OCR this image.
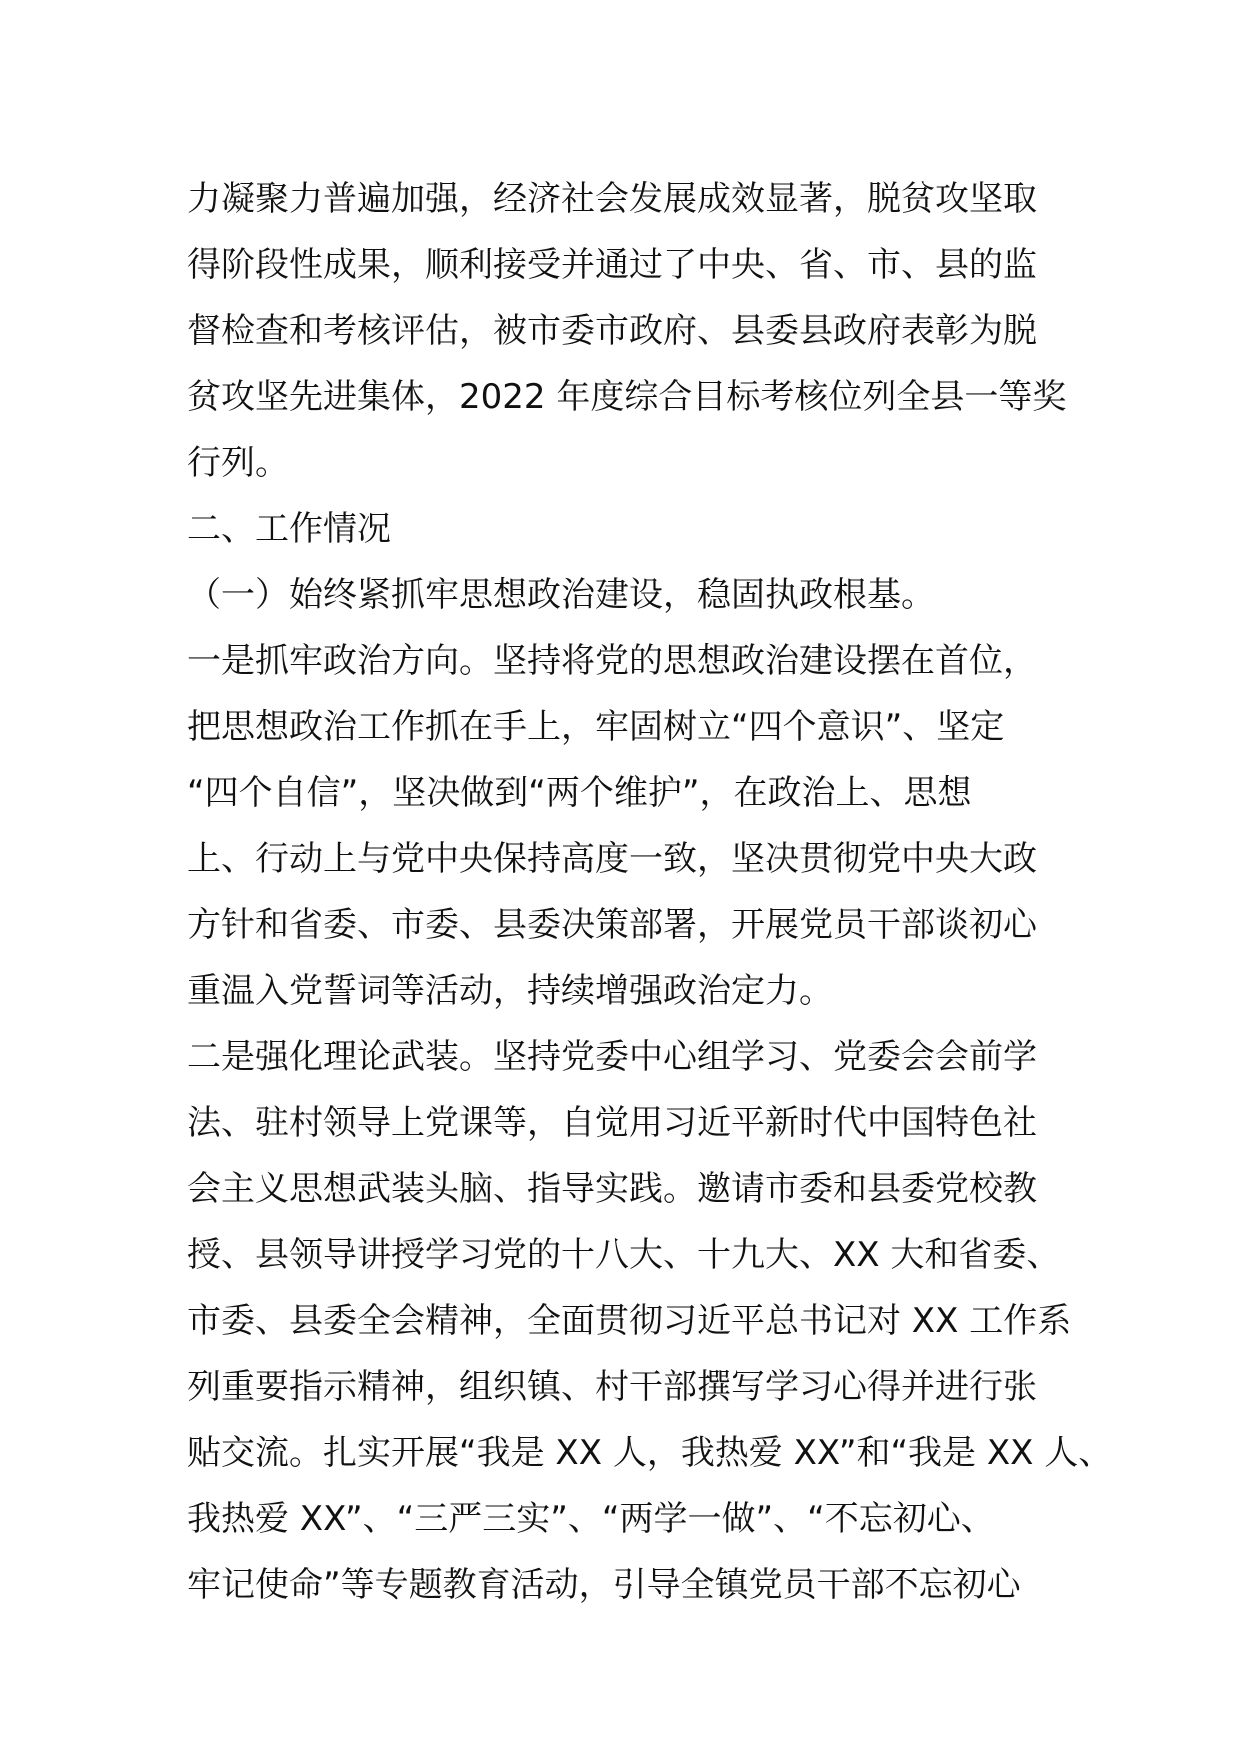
力凝聚力普遍加强，经济社会发展成效显著，脱贫攻坚取
得阶段性成果，顺利接受并通过了中央、省、市、县的监
督检查和考核评估，被市委市政府、县委县政府表彰为脱
贫攻坚先进集体，2022 年度综合目标考核位列全县一等奖
行列。
二、工作情况
（一）始终紧抓牢思想政治建设，稳固执政根基。
一是抓牢政治方向。坚持将党的思想政治建设摆在首位，
把思想政治工作抓在手上，牢固树立“四个意识”、坚定
“四个自信”，坚决做到“两个维护”，在政治上、思想
上、行动上与党中央保持高度一致，坚决贯彻党中央大政
方针和省委、市委、县委决策部署，开展党员干部谈初心
重温入党誓词等活动，持续增强政治定力。
二是强化理论武装。坚持党委中心组学习、党委会会前学
法、驻村领导上党课等，自觉用习近平新时代中国特色社
会主义思想武装头脑、指导实践。邀请市委和县委党校教
授、县领导讲授学习党的十八大、十九大、XX 大和省委、
市委、县委全会精神，全面贯彻习近平总书记对 XX 工作系
列重要指示精神，组织镇、村干部撰写学习心得并进行张
贴交流。扎实开展“我是 XX 人，我热爱 XX”和“我是 XX 人、
我热爱 XX”、“三严三实”、“两学一做”、“不忘初心、
牢记使命”等专题教育活动，引导全镇党员干部不忘初心
